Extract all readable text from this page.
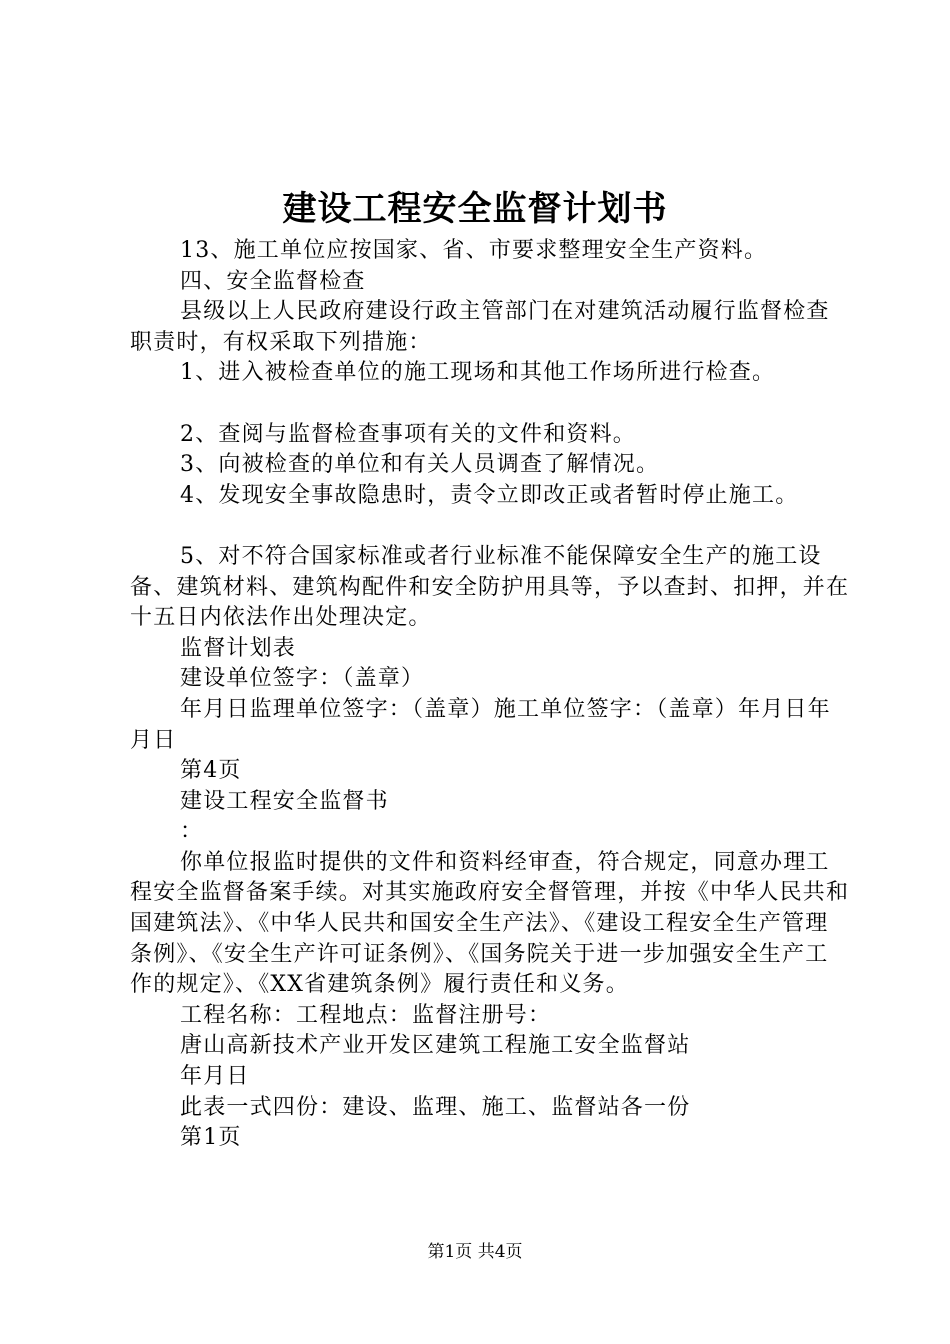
建设工程安全监督计划书

13、施工单位应按国家、省、市要求整理安全生产资料。

四、安全监督检查

县级以上人民政府建设行政主管部门在对建筑活动履行监督检查职责时，有权采取下列措施：

1、进入被检查单位的施工现场和其他工作场所进行检查。

2、查阅与监督检查事项有关的文件和资料。

3、向被检查的单位和有关人员调查了解情况。

4、发现安全事故隐患时，责令立即改正或者暂时停止施工。

5、对不符合国家标准或者行业标准不能保障安全生产的施工设备、建筑材料、建筑构配件和安全防护用具等，予以查封、扣押，并在十五日内依法作出处理决定。

监督计划表

建设单位签字：（盖章）

年月日监理单位签字：（盖章）施工单位签字：（盖章）年月日年月日

第4页

建设工程安全监督书

：

你单位报监时提供的文件和资料经审查，符合规定，同意办理工程安全监督备案手续。对其实施政府安全督管理，并按《中华人民共和国建筑法》、《中华人民共和国安全生产法》、《建设工程安全生产管理条例》、《安全生产许可证条例》、《国务院关于进一步加强安全生产工作的规定》、《XX省建筑条例》履行责任和义务。

工程名称：工程地点：监督注册号：

唐山高新技术产业开发区建筑工程施工安全监督站

年月日

此表一式四份：建设、监理、施工、监督站各一份

第1页

第1页 共4页
